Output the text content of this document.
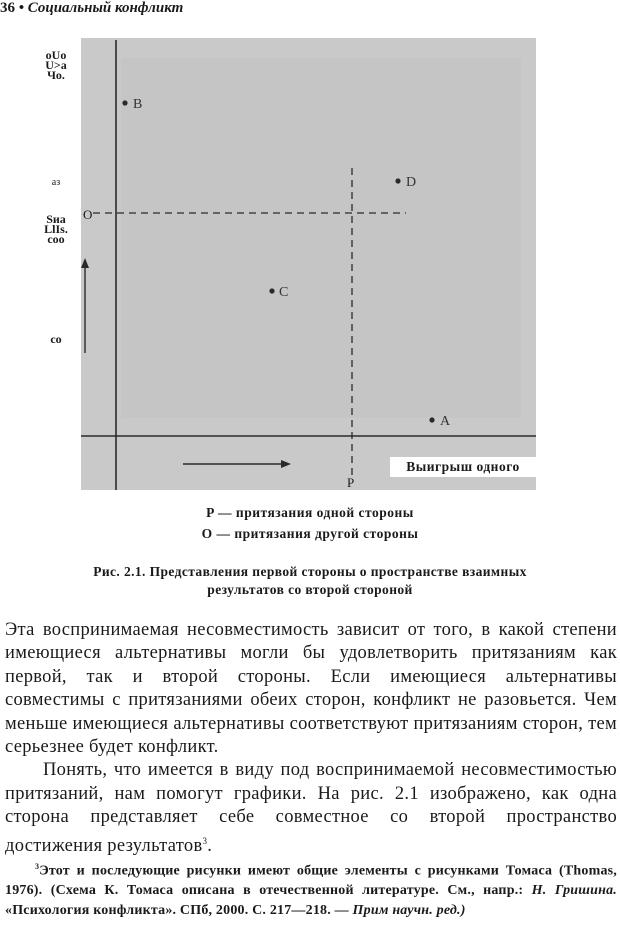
36 • Социальный конфликт
O
P
B
D
C
A
oUoU>aЧo.
аз
SиaLlIs.coo
co
Выигрыш одного
P — притязания одной стороны
O — притязания другой стороны
Рис. 2.1. Представления первой стороны о пространстве взаимных
результатов со второй стороной

Эта воспринимаемая несовместимость зависит от того, в какой степени имеющиеся альтернативы могли бы удовлетворить притязаниям как первой, так и второй стороны. Если имеющиеся альтернативы совместимы с притязаниями обеих сторон, конфликт не разовьется. Чем меньше имеющиеся альтернативы соответствуют притязаниям сторон, тем серьезнее будет конфликт.

Понять, что имеется в виду под воспринимаемой несовместимостью притязаний, нам помогут графики. На рис. 2.1 изображено, как одна сторона представляет себе совместное со второй пространство достижения результатов$^3$.

$^3$Этот и последующие рисунки имеют общие элементы с рисунками Томаса (Thomas, 1976). (Схема К. Томаса описана в отечественной литературе. См., напр.: Н. Гришина. «Психология конфликта». СПб, 2000. С. 217—218. — Прим научн. ред.)
